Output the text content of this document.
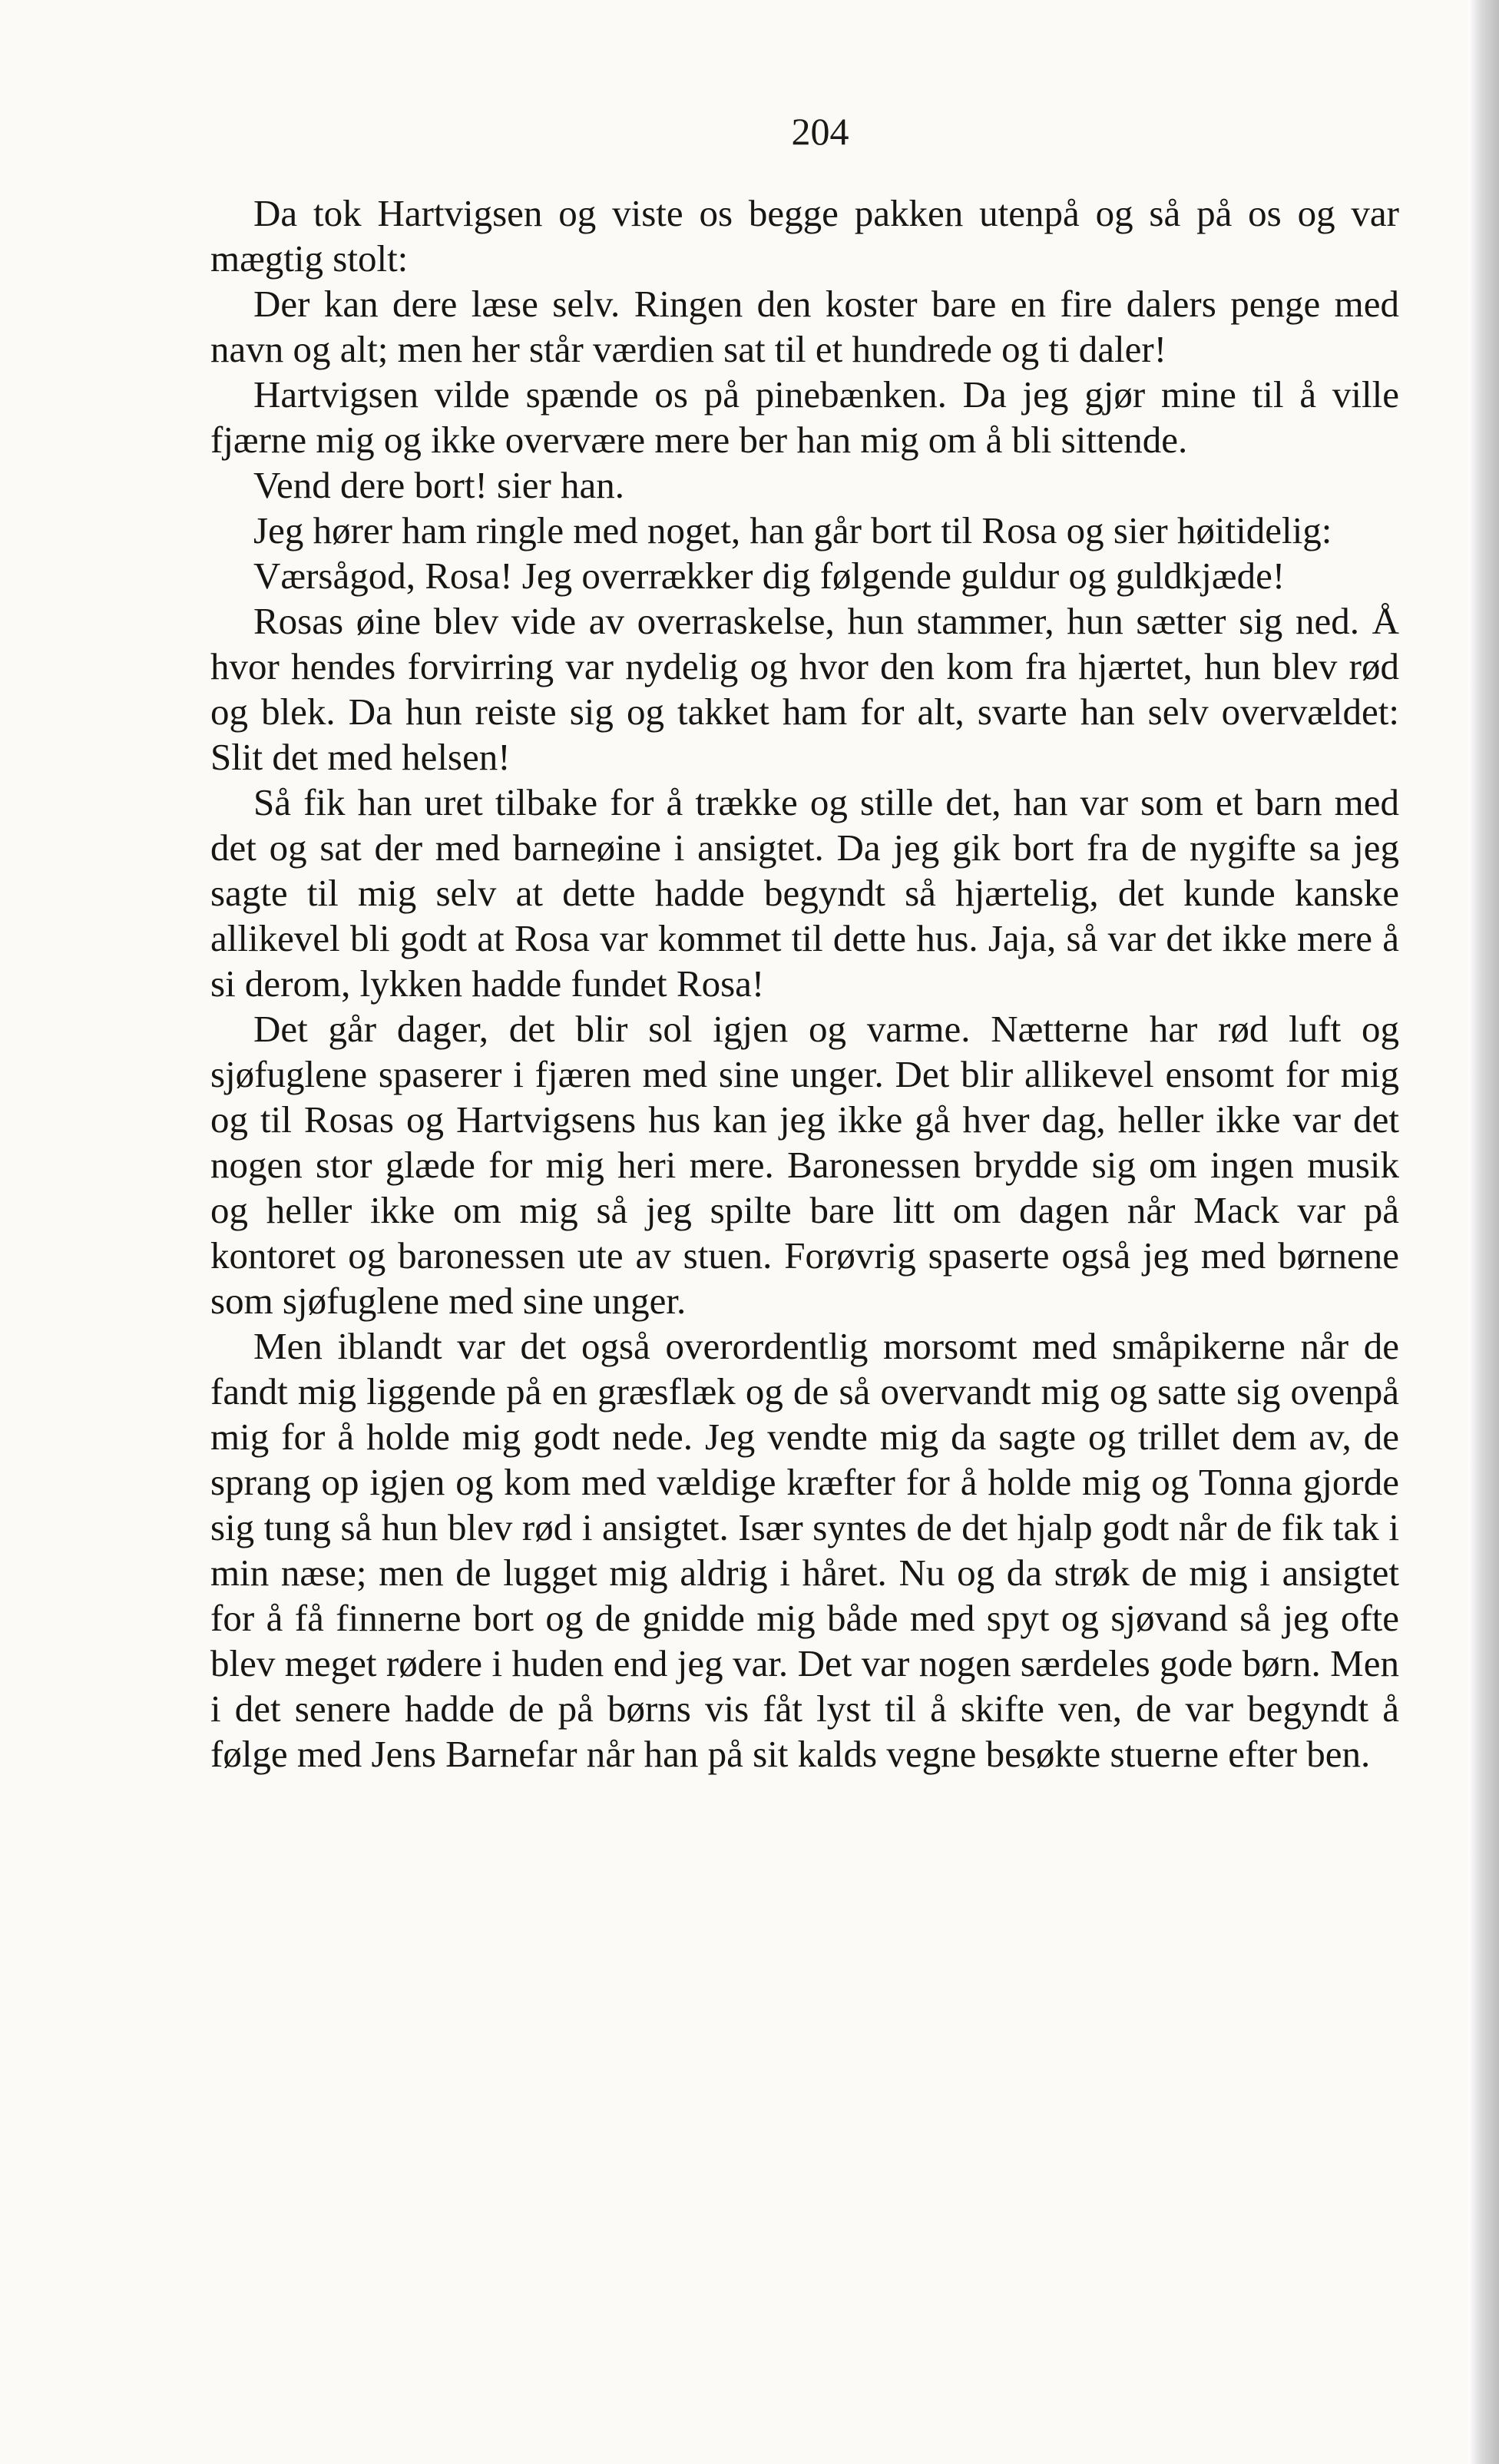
204

Da tok Hartvigsen og viste os begge pakken utenpå og så på os og var mægtig stolt:

Der kan dere læse selv. Ringen den koster bare en fire dalers penge med navn og alt; men her står værdien sat til et hundrede og ti daler!

Hartvigsen vilde spænde os på pinebænken. Da jeg gjør mine til å ville fjærne mig og ikke overvære mere ber han mig om å bli sittende.

Vend dere bort! sier han.

Jeg hører ham ringle med noget, han går bort til Rosa og sier høitidelig:

Værsågod, Rosa! Jeg overrækker dig følgende guldur og guldkjæde!

Rosas øine blev vide av overraskelse, hun stammer, hun sætter sig ned. Å hvor hendes forvirring var nydelig og hvor den kom fra hjærtet, hun blev rød og blek. Da hun reiste sig og takket ham for alt, svarte han selv overvældet: Slit det med helsen!

Så fik han uret tilbake for å trække og stille det, han var som et barn med det og sat der med barneøine i ansigtet. Da jeg gik bort fra de nygifte sa jeg sagte til mig selv at dette hadde begyndt så hjærtelig, det kunde kanske allikevel bli godt at Rosa var kommet til dette hus. Jaja, så var det ikke mere å si derom, lykken hadde fundet Rosa!

Det går dager, det blir sol igjen og varme. Nætterne har rød luft og sjøfuglene spaserer i fjæren med sine unger. Det blir allikevel ensomt for mig og til Rosas og Hartvigsens hus kan jeg ikke gå hver dag, heller ikke var det nogen stor glæde for mig heri mere. Baronessen brydde sig om ingen musik og heller ikke om mig så jeg spilte bare litt om dagen når Mack var på kontoret og baronessen ute av stuen. Forøvrig spaserte også jeg med børnene som sjøfuglene med sine unger.

Men iblandt var det også overordentlig morsomt med småpikerne når de fandt mig liggende på en græsflæk og de så overvandt mig og satte sig ovenpå mig for å holde mig godt nede. Jeg vendte mig da sagte og trillet dem av, de sprang op igjen og kom med vældige kræfter for å holde mig og Tonna gjorde sig tung så hun blev rød i ansigtet. Især syntes de det hjalp godt når de fik tak i min næse; men de lugget mig aldrig i håret. Nu og da strøk de mig i ansigtet for å få finnerne bort og de gnidde mig både med spyt og sjøvand så jeg ofte blev meget rødere i huden end jeg var. Det var nogen særdeles gode børn. Men i det senere hadde de på børns vis fåt lyst til å skifte ven, de var begyndt å følge med Jens Barnefar når han på sit kalds vegne besøkte stuerne efter ben.
